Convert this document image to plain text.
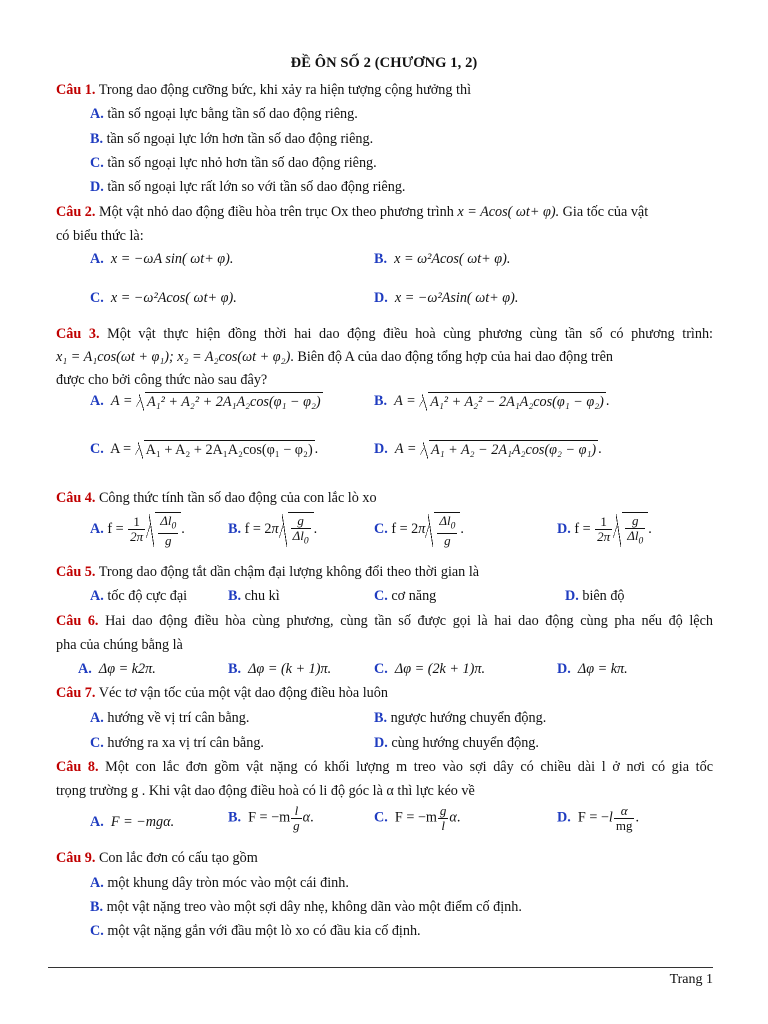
ĐỀ ÔN SỐ 2 (CHƯƠNG 1, 2)
Câu 1. Trong dao động cưỡng bức, khi xảy ra hiện tượng cộng hưởng thì
A. tần số ngoại lực bằng tần số dao động riêng.
B. tần số ngoại lực lớn hơn tần số dao động riêng.
C. tần số ngoại lực nhỏ hơn tần số dao động riêng.
D. tần số ngoại lực rất lớn so với tần số dao động riêng.
Câu 2. Một vật nhỏ dao động điều hòa trên trục Ox theo phương trình x = Acos( ωt+ φ). Gia tốc của vật
có biểu thức là:
A. x = −ωA sin( ωt+ φ).	B. x = ω²Acos( ωt+ φ).
C. x = −ω²Acos( ωt+ φ).	D. x = −ω²Asin( ωt+ φ).
Câu 3. Một vật thực hiện đồng thời hai dao động điều hoà cùng phương cùng tần số có phương trình:
x₁ = A₁cos(ωt + φ₁); x₂ = A₂cos(ωt + φ₂). Biên độ A của dao động tổng hợp của hai dao động trên
được cho bởi công thức nào sau đây?
A. A = A₁² + A₂² + 2A₁A₂cos(φ₁ − φ₂)	B. A = A₁² + A₂² − 2A₁A₂cos(φ₁ − φ₂) .
C.  A = A₁ + A₂ + 2A₁A₂cos(φ₁ − φ₂) .	D. A = A₁ + A₂ − 2A₁A₂cos(φ₂ − φ₁) .
Câu 4. Công thức tính tần số dao động của con lắc lò xo
A. $f = \frac{1}{2\pi} \frac{\Delta l_0}{g}$ .	B. $f = 2\pi \frac{g}{\Delta l_0}$ .	C. $f = 2\pi \frac{\Delta l_0}{g}$ .	D. $f = \frac{1}{2\pi} \frac{g}{\Delta l_0}$ .
Câu 5. Trong dao động tắt dần chậm đại lượng không đổi theo thời gian là
A. tốc độ cực đại	B. chu kì	C. cơ năng	D. biên độ
Câu 6. Hai dao động điều hòa cùng phương, cùng tần số được gọi là hai dao động cùng pha nếu độ lệch
pha của chúng bằng là
A. Δφ = k2π.	B. Δφ = (k + 1)π.	C. Δφ = (2k + 1)π.	D. Δφ = kπ.
Câu 7. Véc tơ vận tốc của một vật dao động điều hòa luôn
A. hướng về vị trí cân bằng.	B. ngược hướng chuyển động.
C. hướng ra xa vị trí cân bằng.	D. cùng hướng chuyển động.
Câu 8. Một con lắc đơn gồm vật nặng có khối lượng m treo vào sợi dây có chiều dài l ở nơi có gia tốc
trọng trường g . Khi vật dao động điều hoà có li độ góc là α thì lực kéo về
A. F = −mgα.	B.  $F = -m \frac{l}{g} \alpha$.	C.  $F = -m \frac{g}{l} \alpha$.	D.  $F = -l \frac{\alpha}{mg}$ .
Câu 9. Con lắc đơn có cấu tạo gồm
A. một khung dây tròn móc vào một cái đinh.
B. một vật nặng treo vào một sợi dây nhẹ, không dãn vào một điểm cố định.
C. một vật nặng gắn với đầu một lò xo có đầu kia cố định.
Trang 1
